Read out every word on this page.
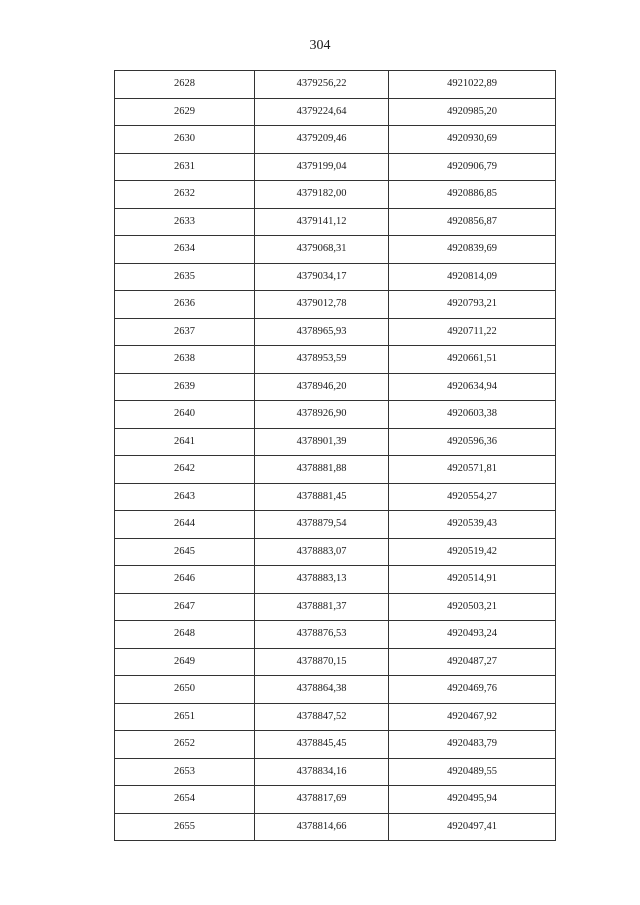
304
2628	4379256,22	4921022,89
2629	4379224,64	4920985,20
2630	4379209,46	4920930,69
2631	4379199,04	4920906,79
2632	4379182,00	4920886,85
2633	4379141,12	4920856,87
2634	4379068,31	4920839,69
2635	4379034,17	4920814,09
2636	4379012,78	4920793,21
2637	4378965,93	4920711,22
2638	4378953,59	4920661,51
2639	4378946,20	4920634,94
2640	4378926,90	4920603,38
2641	4378901,39	4920596,36
2642	4378881,88	4920571,81
2643	4378881,45	4920554,27
2644	4378879,54	4920539,43
2645	4378883,07	4920519,42
2646	4378883,13	4920514,91
2647	4378881,37	4920503,21
2648	4378876,53	4920493,24
2649	4378870,15	4920487,27
2650	4378864,38	4920469,76
2651	4378847,52	4920467,92
2652	4378845,45	4920483,79
2653	4378834,16	4920489,55
2654	4378817,69	4920495,94
2655	4378814,66	4920497,41
